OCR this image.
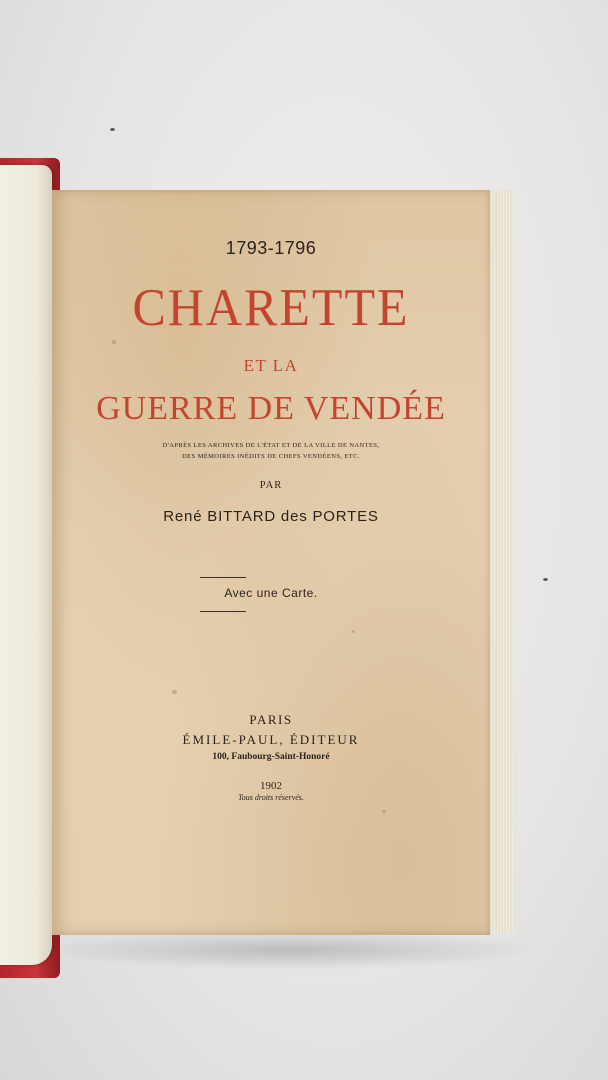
1793-1796
CHARETTE
ET LA
GUERRE DE VENDÉE
D'APRÈS LES ARCHIVES DE L'ÉTAT ET DE LA VILLE DE NANTES,
DES MÉMOIRES INÉDITS DE CHEFS VENDÉENS, ETC.
PAR
René BITTARD des PORTES
Avec une Carte.
PARIS
ÉMILE-PAUL, ÉDITEUR
100, Faubourg-Saint-Honoré
1902
Tous droits réservés.
